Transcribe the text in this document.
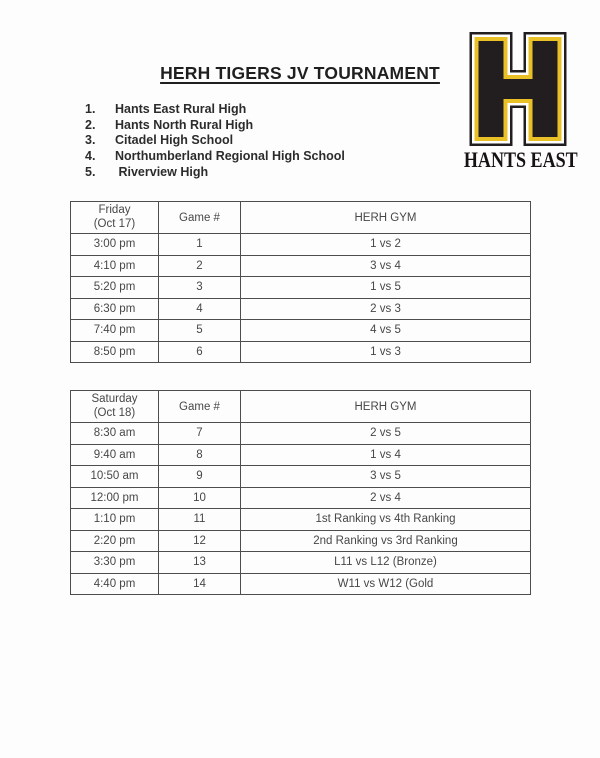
HERH TIGERS JV TOURNAMENT
HANTS EAST
1.	Hants East Rural High
2.	Hants North Rural High
3.	Citadel High School
4.	Northumberland Regional High School
5.	Riverview High
Friday
(Oct 17)	Game #	HERH GYM
3:00 pm	1	1 vs 2
4:10 pm	2	3 vs 4
5:20 pm	3	1 vs 5
6:30 pm	4	2 vs 3
7:40 pm	5	4 vs 5
8:50 pm	6	1 vs 3
Saturday
(Oct 18)	Game #	HERH GYM
8:30 am	7	2 vs 5
9:40 am	8	1 vs 4
10:50 am	9	3 vs 5
12:00 pm	10	2 vs 4
1:10 pm	11	1st Ranking vs 4th Ranking
2:20 pm	12	2nd Ranking vs 3rd Ranking
3:30 pm	13	L11 vs L12 (Bronze)
4:40 pm	14	W11 vs W12 (Gold
